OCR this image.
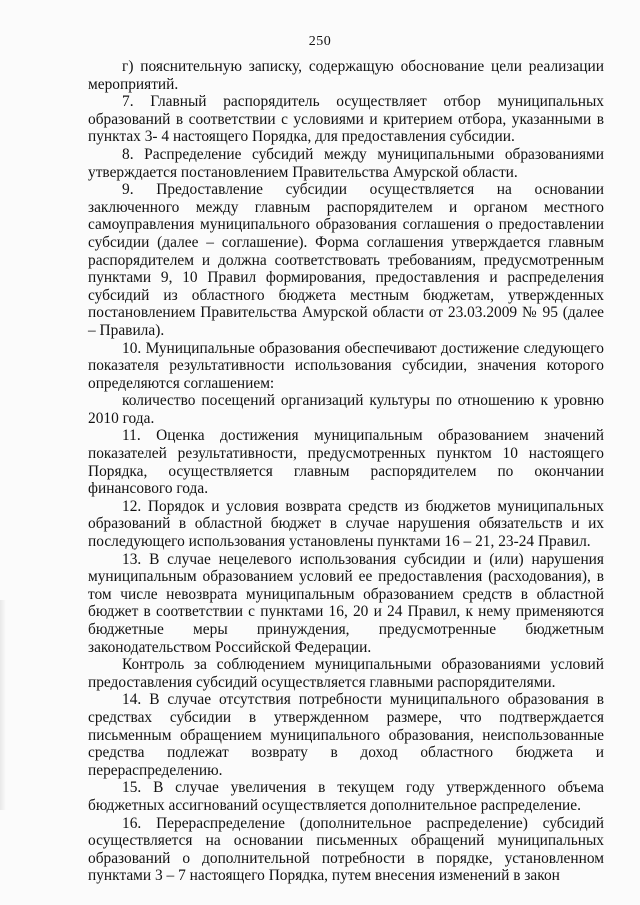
250

г) пояснительную записку, содержащую обоснование цели реализации мероприятий.

7. Главный распорядитель осуществляет отбор муниципальных образований в соответствии с условиями и критерием отбора, указанными в пунктах 3- 4 настоящего Порядка, для предоставления субсидии.

8. Распределение субсидий между муниципальными образованиями утверждается постановлением Правительства Амурской области.

9. Предоставление субсидии осуществляется на основании заключенного между главным распорядителем и органом местного самоуправления муниципального образования соглашения о предоставлении субсидии (далее – соглашение). Форма соглашения утверждается главным распорядителем и должна соответствовать требованиям, предусмотренным пунктами 9, 10 Правил формирования, предоставления и распределения субсидий из областного бюджета местным бюджетам, утвержденных постановлением Правительства Амурской области от 23.03.2009 № 95 (далее – Правила).

10. Муниципальные образования обеспечивают достижение следующего показателя результативности использования субсидии, значения которого определяются соглашением:

количество посещений организаций культуры по отношению к уровню 2010 года.

11. Оценка достижения муниципальным образованием значений показателей результативности, предусмотренных пунктом 10 настоящего Порядка, осуществляется главным распорядителем по окончании финансового года.

12. Порядок и условия возврата средств из бюджетов муниципальных образований в областной бюджет в случае нарушения обязательств и их последующего использования установлены пунктами 16 – 21, 23-24 Правил.

13. В случае нецелевого использования субсидии и (или) нарушения муниципальным образованием условий ее предоставления (расходования), в том числе невозврата муниципальным образованием средств в областной бюджет в соответствии с пунктами 16, 20 и 24 Правил, к нему применяются бюджетные меры принуждения, предусмотренные бюджетным законодательством Российской Федерации.

Контроль за соблюдением муниципальными образованиями условий предоставления субсидий осуществляется главными распорядителями.

14. В случае отсутствия потребности муниципального образования в средствах субсидии в утвержденном размере, что подтверждается письменным обращением муниципального образования, неиспользованные средства подлежат возврату в доход областного бюджета и перераспределению.

15. В случае увеличения в текущем году утвержденного объема бюджетных ассигнований осуществляется дополнительное распределение.

16. Перераспределение (дополнительное распределение) субсидий осуществляется на основании письменных обращений муниципальных образований о дополнительной потребности в порядке, установленном пунктами 3 – 7 настоящего Порядка, путем внесения изменений в закон
